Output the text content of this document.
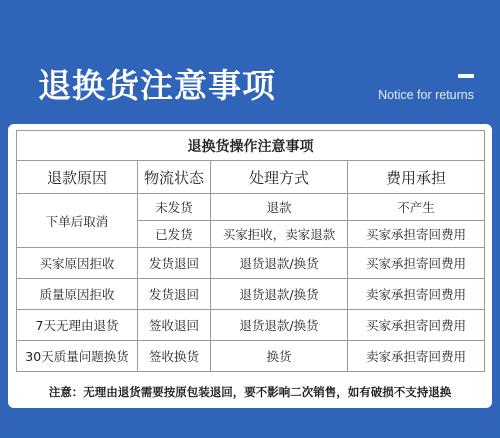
退换货注意事项	Notice for returns
退换货操作注意事项			
退款原因	物流状态	处理方式	费用承担
下单后取消	未发货	退款	不产生
	已发货	买家拒收，卖家退款	买家承担寄回费用
买家原因拒收	发货退回	退货退款/换货	买家承担寄回费用
质量原因拒收	发货退回	退货退款/换货	卖家承担寄回费用
7天无理由退货	签收退回	退货退款/换货	买家承担寄回费用
30天质量问题换货	签收换货	换货	卖家承担寄回费用
注意：无理由退货需要按原包装退回，要不影响二次销售，如有破损不支持退换
